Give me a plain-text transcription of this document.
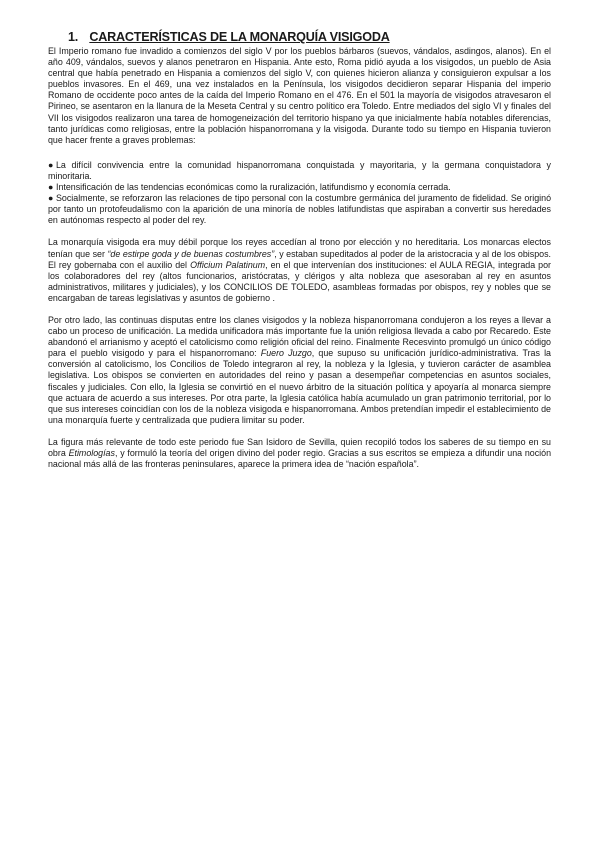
1. CARACTERÍSTICAS DE LA MONARQUÍA VISIGODA

El Imperio romano fue invadido a comienzos del siglo V por los pueblos bárbaros (suevos, vándalos, asdingos, alanos). En el año 409, vándalos, suevos y alanos penetraron en Hispania. Ante esto, Roma pidió ayuda a los visigodos, un pueblo de Asia central que había penetrado en Hispania a comienzos del siglo V, con quienes hicieron alianza y consiguieron expulsar a los pueblos invasores. En el 469, una vez instalados en la Península, los visigodos decidieron separar Hispania del imperio Romano de occidente poco antes de la caída del Imperio Romano en el 476. En el 501 la mayoría de visigodos atravesaron el Pirineo, se asentaron en la llanura de la Meseta Central y su centro político era Toledo. Entre mediados del siglo VI y finales del VII los visigodos realizaron una tarea de homogeneización del territorio hispano ya que inicialmente había notables diferencias, tanto jurídicas como religiosas, entre la población hispanorromana y la visigoda. Durante todo su tiempo en Hispania tuvieron que hacer frente a graves problemas:

● La difícil convivencia entre la comunidad hispanorromana conquistada y mayoritaria, y la germana conquistadora y minoritaria.
● Intensificación de las tendencias económicas como la ruralización, latifundismo y economía cerrada.
● Socialmente, se reforzaron las relaciones de tipo personal con la costumbre germánica del juramento de fidelidad. Se originó por tanto un protofeudalismo con la aparición de una minoría de nobles latifundistas que aspiraban a convertir sus heredades en autónomas respecto al poder del rey.

La monarquía visigoda era muy débil porque los reyes accedían al trono por elección y no hereditaria. Los monarcas electos tenían que ser “de estirpe goda y de buenas costumbres”, y estaban supeditados al poder de la aristocracia y al de los obispos. El rey gobernaba con el auxilio del Officium Palatinum, en el que intervenían dos instituciones: el AULA REGIA, integrada por los colaboradores del rey (altos funcionarios, aristócratas, y clérigos y alta nobleza que asesoraban al rey en asuntos administrativos, militares y judiciales), y los CONCILIOS DE TOLEDO, asambleas formadas por obispos, rey y nobles que se encargaban de tareas legislativas y asuntos de gobierno .

Por otro lado, las continuas disputas entre los clanes visigodos y la nobleza hispanorromana condujeron a los reyes a llevar a cabo un proceso de unificación. La medida unificadora más importante fue la unión religiosa llevada a cabo por Recaredo. Este abandonó el arrianismo y aceptó el catolicismo como religión oficial del reino. Finalmente Recesvinto promulgó un único código para el pueblo visigodo y para el hispanorromano: Fuero Juzgo, que supuso su unificación jurídico-administrativa. Tras la conversión al catolicismo, los Concilios de Toledo integraron al rey, la nobleza y la Iglesia, y tuvieron carácter de asamblea legislativa. Los obispos se convierten en autoridades del reino y pasan a desempeñar competencias en asuntos sociales, fiscales y judiciales. Con ello, la Iglesia se convirtió en el nuevo árbitro de la situación política y apoyaría al monarca siempre que actuara de acuerdo a sus intereses. Por otra parte, la Iglesia católica había acumulado un gran patrimonio territorial, por lo que sus intereses coincidían con los de la nobleza visigoda e hispanorromana. Ambos pretendían impedir el establecimiento de una monarquía fuerte y centralizada que pudiera limitar su poder.

La figura más relevante de todo este periodo fue San Isidoro de Sevilla, quien recopiló todos los saberes de su tiempo en su obra Etimologías, y formuló la teoría del origen divino del poder regio. Gracias a sus escritos se empieza a difundir una noción nacional más allá de las fronteras peninsulares, aparece la primera idea de “nación española”.
